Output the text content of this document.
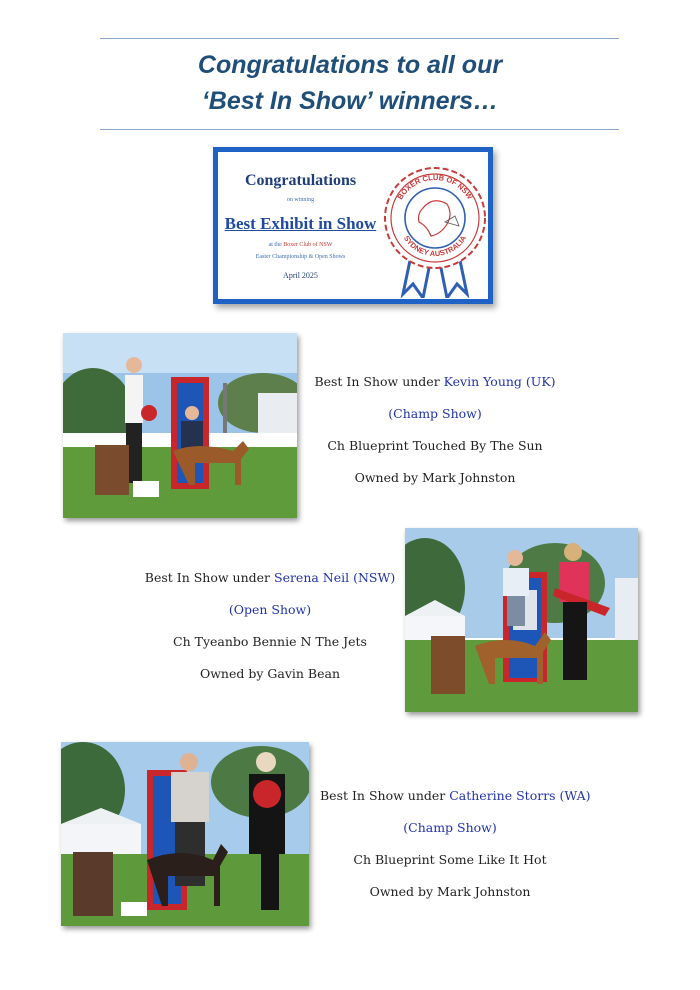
Congratulations to all our
‘Best In Show’ winners…
Congratulations
on winning
Best Exhibit in Show
at the Boxer Club of NSW
Easter Championship & Open Shows
April 2025
BOXER CLUB OF NSW
SYDNEY AUSTRALIA
Best In Show under Kevin Young (UK)
(Champ Show)
Ch Blueprint Touched By The Sun
Owned by Mark Johnston
Best In Show under Serena Neil (NSW)
(Open Show)
Ch Tyeanbo Bennie N The Jets
Owned by Gavin Bean
Best In Show under Catherine Storrs (WA)
(Champ Show)
Ch Blueprint Some Like It Hot
Owned by Mark Johnston
